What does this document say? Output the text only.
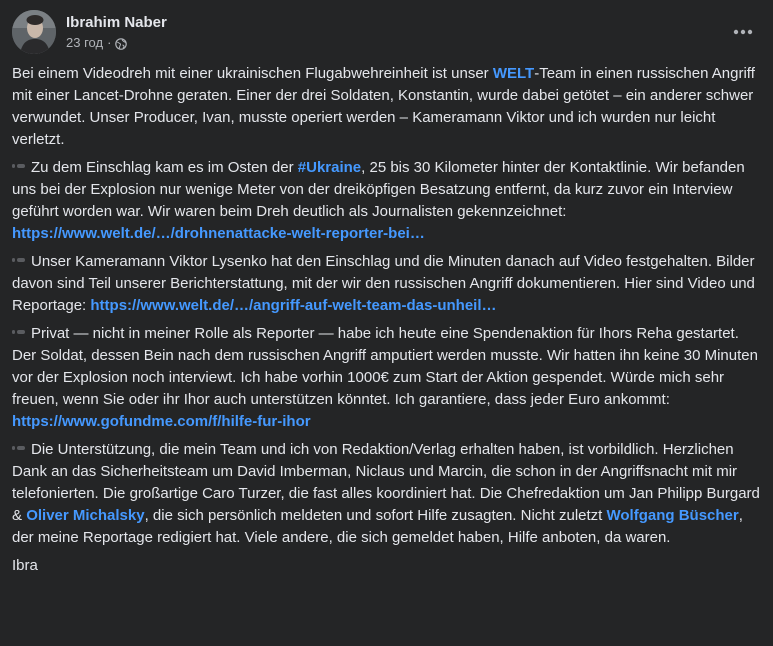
Ibrahim Naber
23 год ·

Bei einem Videodreh mit einer ukrainischen Flugabwehreinheit ist unser WELT-Team in einen russischen Angriff mit einer Lancet-Drohne geraten. Einer der drei Soldaten, Konstantin, wurde dabei getötet – ein anderer schwer verwundet. Unser Producer, Ivan, musste operiert werden – Kameramann Viktor und ich wurden nur leicht verletzt.

Zu dem Einschlag kam es im Osten der #Ukraine, 25 bis 30 Kilometer hinter der Kontaktlinie. Wir befanden uns bei der Explosion nur wenige Meter von der dreiköpfigen Besatzung entfernt, da kurz zuvor ein Interview geführt worden war. Wir waren beim Dreh deutlich als Journalisten gekennzeichnet: https://www.welt.de/…/drohnenattacke-welt-reporter-bei…

Unser Kameramann Viktor Lysenko hat den Einschlag und die Minuten danach auf Video festgehalten. Bilder davon sind Teil unserer Berichterstattung, mit der wir den russischen Angriff dokumentieren. Hier sind Video und Reportage: https://www.welt.de/…/angriff-auf-welt-team-das-unheil…

Privat — nicht in meiner Rolle als Reporter — habe ich heute eine Spendenaktion für Ihors Reha gestartet. Der Soldat, dessen Bein nach dem russischen Angriff amputiert werden musste. Wir hatten ihn keine 30 Minuten vor der Explosion noch interviewt. Ich habe vorhin 1000€ zum Start der Aktion gespendet. Würde mich sehr freuen, wenn Sie oder ihr Ihor auch unterstützen könntet. Ich garantiere, dass jeder Euro ankommt: https://www.gofundme.com/f/hilfe-fur-ihor

Die Unterstützung, die mein Team und ich von Redaktion/Verlag erhalten haben, ist vorbildlich. Herzlichen Dank an das Sicherheitsteam um David Imberman, Niclaus und Marcin, die schon in der Angriffsnacht mit mir telefonierten. Die großartige Caro Turzer, die fast alles koordiniert hat. Die Chefredaktion um Jan Philipp Burgard & Oliver Michalsky, die sich persönlich meldeten und sofort Hilfe zusagten. Nicht zuletzt Wolfgang Büscher, der meine Reportage redigiert hat. Viele andere, die sich gemeldet haben, Hilfe anboten, da waren.

Ibra
